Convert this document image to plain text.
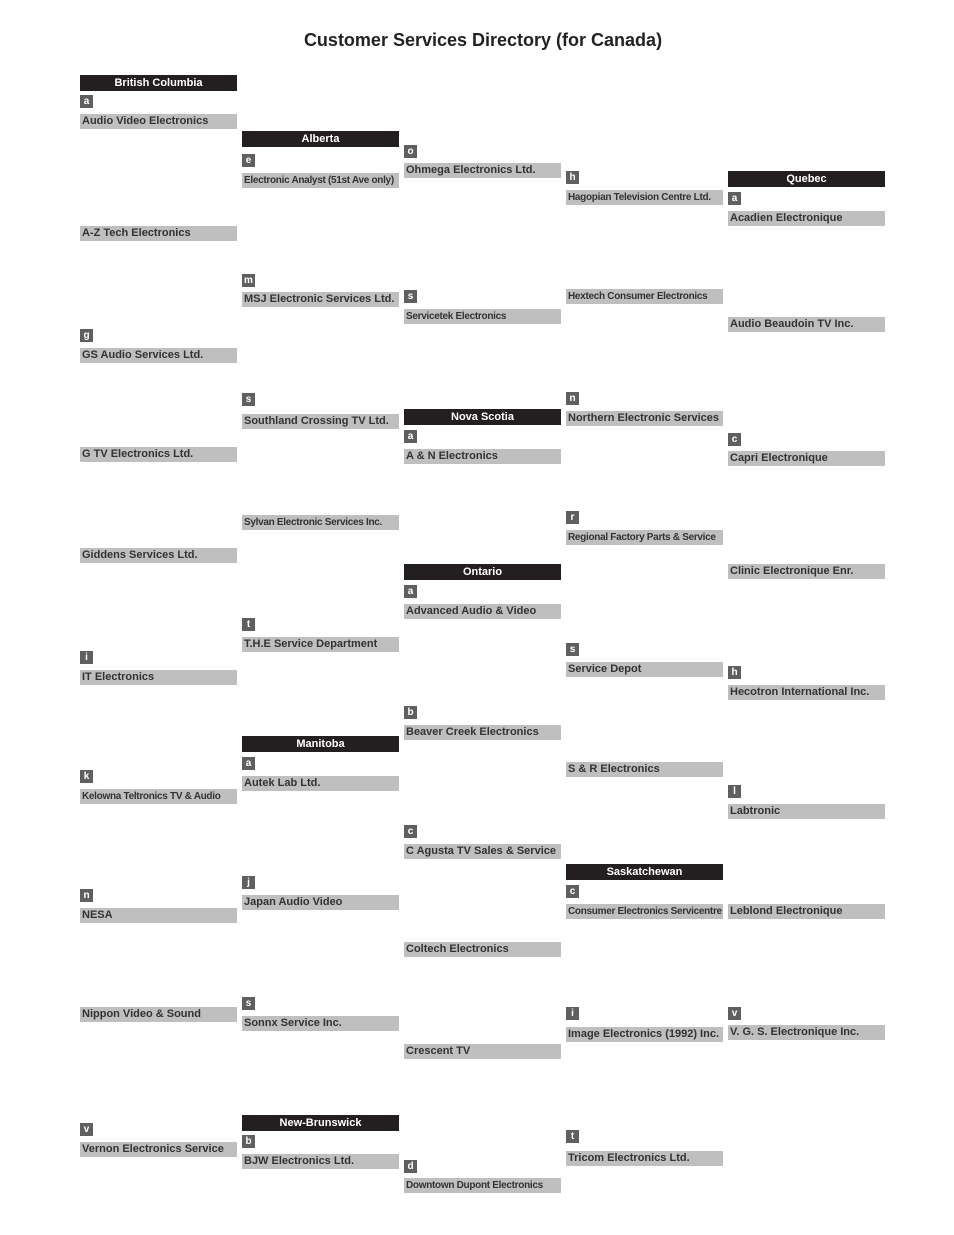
Customer Services Directory (for Canada)
British Columbia
a
Audio Video Electronics
A-Z Tech Electronics
g
GS Audio Services Ltd.
G TV Electronics Ltd.
Giddens Services Ltd.
i
IT Electronics
k
Kelowna Teltronics TV & Audio
n
NESA
Nippon Video & Sound
v
Vernon Electronics Service
Alberta
e
Electronic Analyst (51st Ave only)
m
MSJ Electronic Services Ltd.
s
Southland Crossing TV Ltd.
Sylvan Electronic Services Inc.
t
T.H.E Service Department
Manitoba
a
Autek Lab Ltd.
j
Japan Audio Video
s
Sonnx Service Inc.
New-Brunswick
b
BJW Electronics Ltd.
o
Ohmega Electronics Ltd.
s
Servicetek Electronics
Nova Scotia
a
A & N Electronics
Ontario
a
Advanced Audio & Video
b
Beaver Creek Electronics
c
C Agusta TV Sales & Service
Coltech Electronics
Crescent TV
d
Downtown Dupont Electronics
h
Hagopian Television Centre Ltd.
Hextech Consumer Electronics
n
Northern Electronic Services
r
Regional Factory Parts & Service
s
Service Depot
S & R Electronics
Saskatchewan
c
Consumer Electronics Servicentre
i
Image Electronics (1992) Inc.
t
Tricom Electronics Ltd.
Quebec
a
Acadien Electronique
Audio Beaudoin TV Inc.
c
Capri Electronique
Clinic Electronique Enr.
h
Hecotron International Inc.
l
Labtronic
Leblond Electronique
v
V. G. S. Electronique Inc.
